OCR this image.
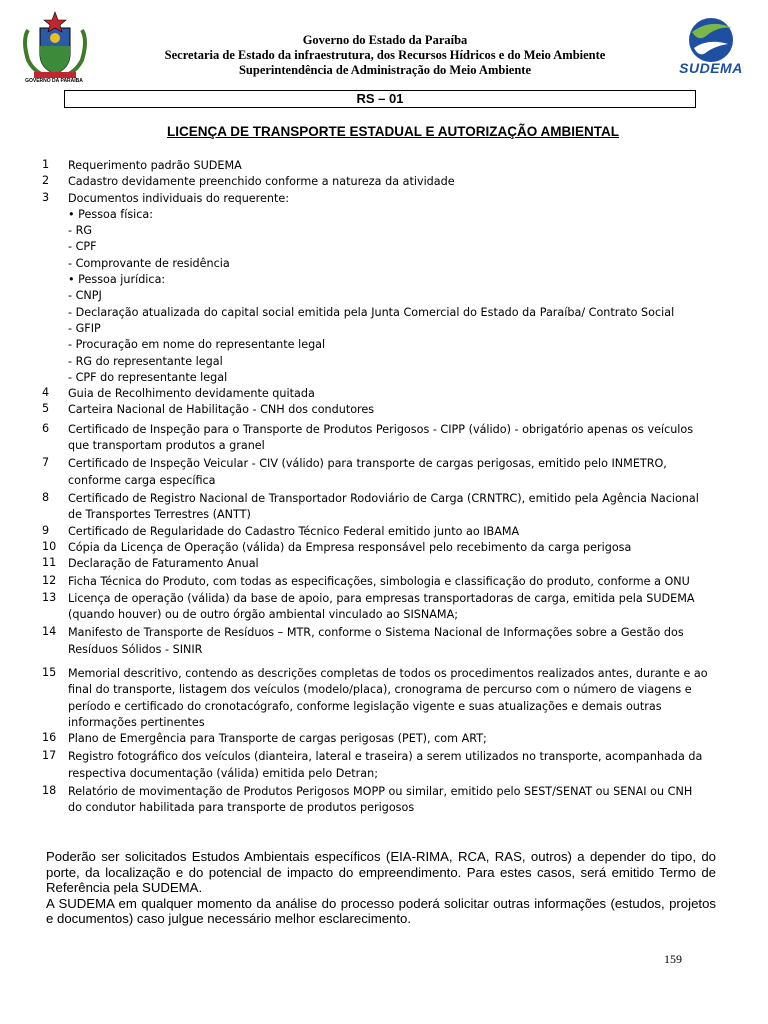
GOVERNO DA PARAÍBA
Governo do Estado da Paraíba
Secretaria de Estado da infraestrutura, dos Recursos Hídricos e do Meio Ambiente
Superintendência de Administração do Meio Ambiente	SUDEMA
RS – 01
LICENÇA DE TRANSPORTE ESTADUAL E AUTORIZAÇÃO AMBIENTAL
1	Requerimento padrão SUDEMA
2	Cadastro devidamente preenchido conforme a natureza da atividade
3	Documentos individuais do requerente:
• Pessoa física:
- RG
- CPF
- Comprovante de residência
• Pessoa jurídica:
- CNPJ
- Declaração atualizada do capital social emitida pela Junta Comercial do Estado da Paraíba/ Contrato Social
- GFIP
- Procuração em nome do representante legal
- RG do representante legal
- CPF do representante legal
4	Guia de Recolhimento devidamente quitada
5	Carteira Nacional de Habilitação - CNH dos condutores
6	Certificado de Inspeção para o Transporte de Produtos Perigosos - CIPP (válido) - obrigatório apenas os veículos
que transportam produtos a granel
7	Certificado de Inspeção Veicular - CIV (válido) para transporte de cargas perigosas, emitido pelo INMETRO,
conforme carga específica
8	Certificado de Registro Nacional de Transportador Rodoviário de Carga (CRNTRC), emitido pela Agência Nacional
de Transportes Terrestres (ANTT)
9	Certificado de Regularidade do Cadastro Técnico Federal emitido junto ao IBAMA
10	Cópia da Licença de Operação (válida) da Empresa responsável pelo recebimento da carga perigosa
11	Declaração de Faturamento Anual
12	Ficha Técnica do Produto, com todas as especificações, simbologia e classificação do produto, conforme a ONU
13	Licença de operação (válida) da base de apoio, para empresas transportadoras de carga, emitida pela SUDEMA
(quando houver) ou de outro órgão ambiental vinculado ao SISNAMA;
14	Manifesto de Transporte de Resíduos – MTR, conforme o Sistema Nacional de Informações sobre a Gestão dos
Resíduos Sólidos - SINIR
15	Memorial descritivo, contendo as descrições completas de todos os procedimentos realizados antes, durante e ao
final do transporte, listagem dos veículos (modelo/placa), cronograma de percurso com o número de viagens e
período e certificado do cronotacógrafo, conforme legislação vigente e suas atualizações e demais outras
informações pertinentes
16	Plano de Emergência para Transporte de cargas perigosas (PET), com ART;
17	Registro fotográfico dos veículos (dianteira, lateral e traseira) a serem utilizados no transporte, acompanhada da
respectiva documentação (válida) emitida pelo Detran;
18	Relatório de movimentação de Produtos Perigosos MOPP ou similar, emitido pelo SEST/SENAT ou SENAI ou CNH
do condutor habilitada para transporte de produtos perigosos

Poderão ser solicitados Estudos Ambientais específicos (EIA-RIMA, RCA, RAS, outros) a depender do tipo, do porte, da localização e do potencial de impacto do empreendimento. Para estes casos, será emitido Termo de Referência pela SUDEMA.

A SUDEMA em qualquer momento da análise do processo poderá solicitar outras informações (estudos, projetos e documentos) caso julgue necessário melhor esclarecimento.

159
